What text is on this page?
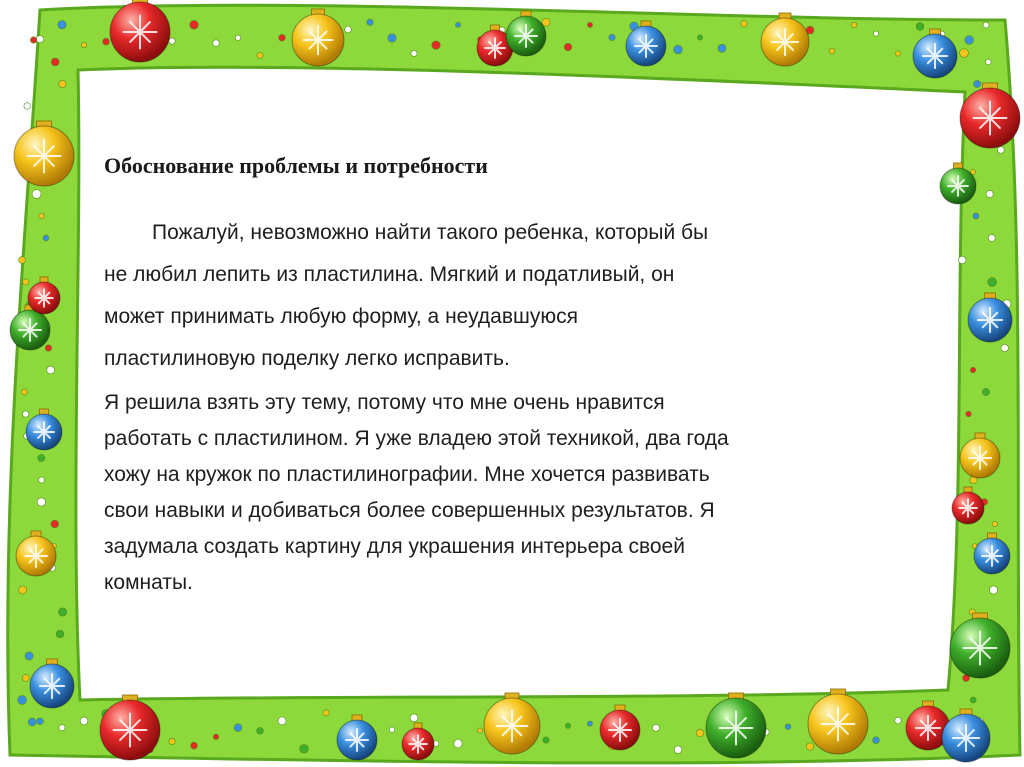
Обоснование проблемы и потребности

Пожалуй, невозможно найти такого ребенка, который бы
не любил лепить из пластилина. Мягкий и податливый, он
может принимать любую форму, а неудавшуюся
пластилиновую поделку легко исправить.

Я решила взять эту тему, потому что мне очень нравится
работать с пластилином. Я уже владею этой техникой, два года
хожу на кружок по пластилинографии. Мне хочется развивать
свои навыки и добиваться более совершенных результатов. Я
задумала создать картину для украшения интерьера своей
комнаты.
